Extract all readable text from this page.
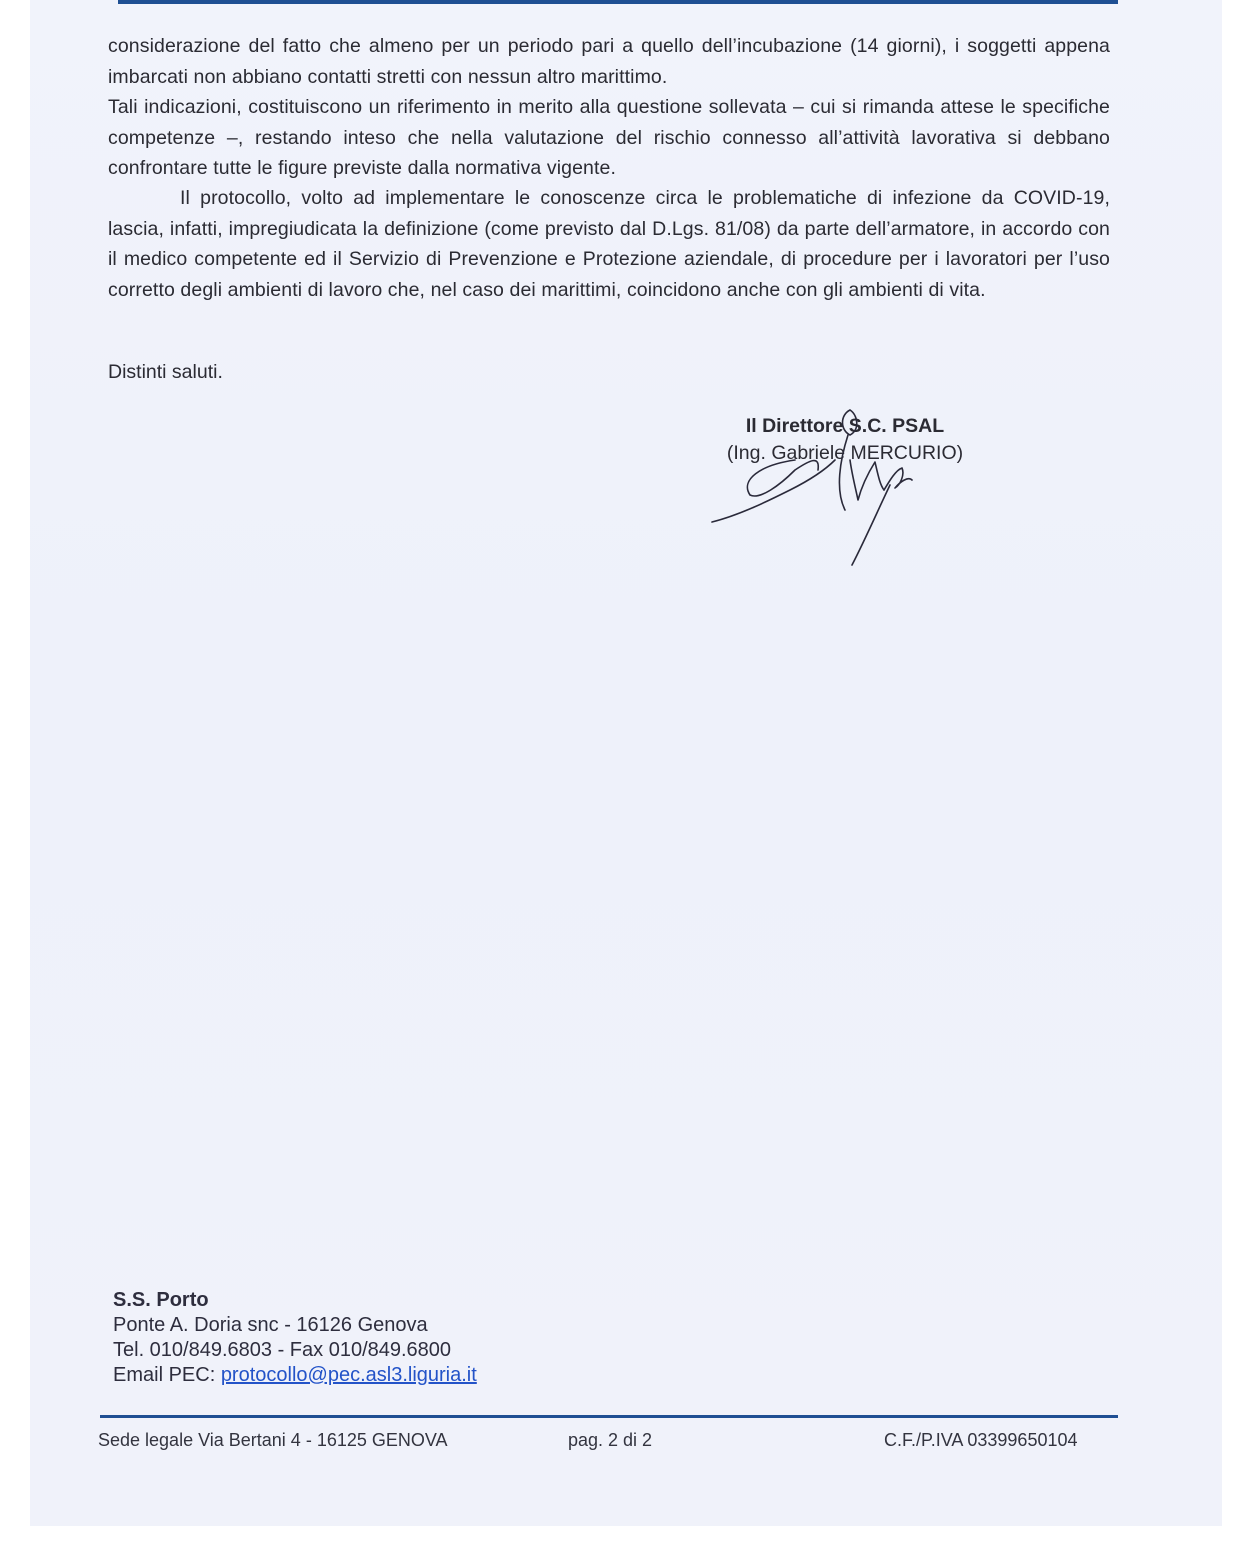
considerazione del fatto che almeno per un periodo pari a quello dell’incubazione (14 giorni), i soggetti appena imbarcati non abbiano contatti stretti con nessun altro marittimo.

Tali indicazioni, costituiscono un riferimento in merito alla questione sollevata – cui si rimanda attese le specifiche competenze –, restando inteso che nella valutazione del rischio connesso all’attività lavorativa si debbano confrontare tutte le figure previste dalla normativa vigente.

Il protocollo, volto ad implementare le conoscenze circa le problematiche di infezione da COVID-19, lascia, infatti, impregiudicata la definizione (come previsto dal D.Lgs. 81/08) da parte dell’armatore, in accordo con il medico competente ed il Servizio di Prevenzione e Protezione aziendale, di procedure per i lavoratori per l’uso corretto degli ambienti di lavoro che, nel caso dei marittimi, coincidono anche con gli ambienti di vita.

Distinti saluti.

Il Direttore S.C. PSAL
(Ing. Gabriele MERCURIO)
S.S. Porto
Ponte A. Doria snc - 16126 Genova
Tel. 010/849.6803 - Fax 010/849.6800
Email PEC: protocollo@pec.asl3.liguria.it
Sede legale Via Bertani 4 - 16125 GENOVA	pag. 2 di 2	C.F./P.IVA 03399650104
